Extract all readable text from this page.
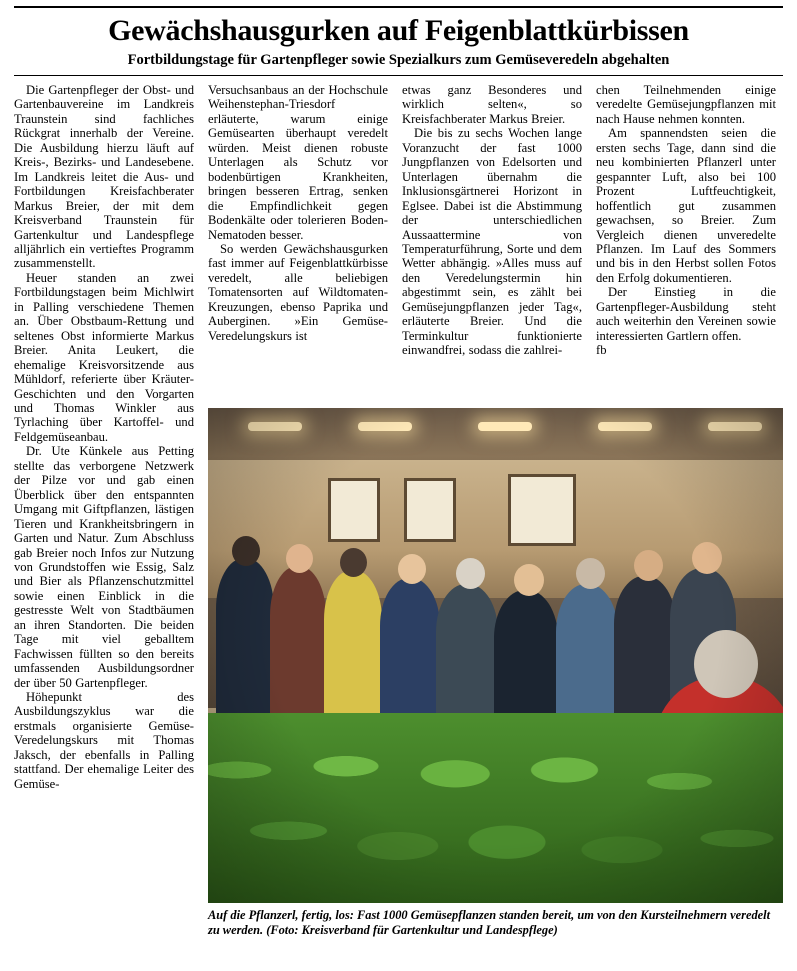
Gewächshausgurken auf Feigenblattkürbissen
Fortbildungstage für Gartenpfleger sowie Spezialkurs zum Gemüseveredeln abgehalten

Die Gartenpfleger der Obst- und Gartenbauvereine im Landkreis Traunstein sind fachliches Rückgrat innerhalb der Vereine. Die Ausbildung hierzu läuft auf Kreis-, Bezirks- und Landesebene. Im Landkreis leitet die Aus- und Fortbildungen Kreisfachberater Markus Breier, der mit dem Kreisverband Traunstein für Gartenkultur und Landespflege alljährlich ein vertieftes Programm zusammenstellt.

Heuer standen an zwei Fortbildungstagen beim Michlwirt in Palling verschiedene Themen an. Über Obstbaum-Rettung und seltenes Obst informierte Markus Breier. Anita Leukert, die ehemalige Kreisvorsitzende aus Mühldorf, referierte über Kräuter-Geschichten und den Vorgarten und Thomas Winkler aus Tyrlaching über Kartoffel- und Feldgemüseanbau.

Dr. Ute Künkele aus Petting stellte das verborgene Netzwerk der Pilze vor und gab einen Überblick über den entspannten Umgang mit Giftpflanzen, lästigen Tieren und Krankheitsbringern in Garten und Natur. Zum Abschluss gab Breier noch Infos zur Nutzung von Grundstoffen wie Essig, Salz und Bier als Pflanzenschutzmittel sowie einen Einblick in die gestresste Welt von Stadtbäumen an ihren Standorten. Die beiden Tage mit viel geballtem Fachwissen füllten so den bereits umfassenden Ausbildungsordner der über 50 Gartenpfleger.

Höhepunkt des Ausbildungszyklus war die erstmals organisierte Gemüse-Veredelungskurs mit Thomas Jaksch, der ebenfalls in Palling stattfand. Der ehemalige Leiter des Gemüse-

Versuchsanbaus an der Hochschule Weihenstephan-Triesdorf erläuterte, warum einige Gemüsearten überhaupt veredelt würden. Meist dienen robuste Unterlagen als Schutz vor bodenbürtigen Krankheiten, bringen besseren Ertrag, senken die Empfindlichkeit gegen Bodenkälte oder tolerieren Boden-Nematoden besser.

So werden Gewächshausgurken fast immer auf Feigenblattkürbisse veredelt, alle beliebigen Tomatensorten auf Wildtomaten-Kreuzungen, ebenso Paprika und Auberginen. »Ein Gemüse-Veredelungskurs ist

etwas ganz Besonderes und wirklich selten«, so Kreisfachberater Markus Breier.

Die bis zu sechs Wochen lange Voranzucht der fast 1000 Jungpflanzen von Edelsorten und Unterlagen übernahm die Inklusionsgärtnerei Horizont in Eglsee. Dabei ist die Abstimmung der unterschiedlichen Aussaattermine von Temperaturführung, Sorte und dem Wetter abhängig. »Alles muss auf den Veredelungstermin hin abgestimmt sein, es zählt bei Gemüsejungpflanzen jeder Tag«, erläuterte Breier. Und die Terminkultur funktionierte einwandfrei, sodass die zahlrei-

chen Teilnehmenden einige veredelte Gemüsejungpflanzen mit nach Hause nehmen konnten.

Am spannendsten seien die ersten sechs Tage, dann sind die neu kombinierten Pflanzerl unter gespannter Luft, also bei 100 Prozent Luftfeuchtigkeit, hoffentlich gut zusammen gewachsen, so Breier. Zum Vergleich dienen unveredelte Pflanzen. Im Lauf des Sommers und bis in den Herbst sollen Fotos den Erfolg dokumentieren.

Der Einstieg in die Gartenpfleger-Ausbildung steht auch weiterhin den Vereinen sowie interessierten Gartlern offen.

fb

Auf die Pflanzerl, fertig, los: Fast 1000 Gemüsepflanzen standen bereit, um von den Kursteilnehmern veredelt zu werden. (Foto: Kreisverband für Gartenkultur und Landespflege)
